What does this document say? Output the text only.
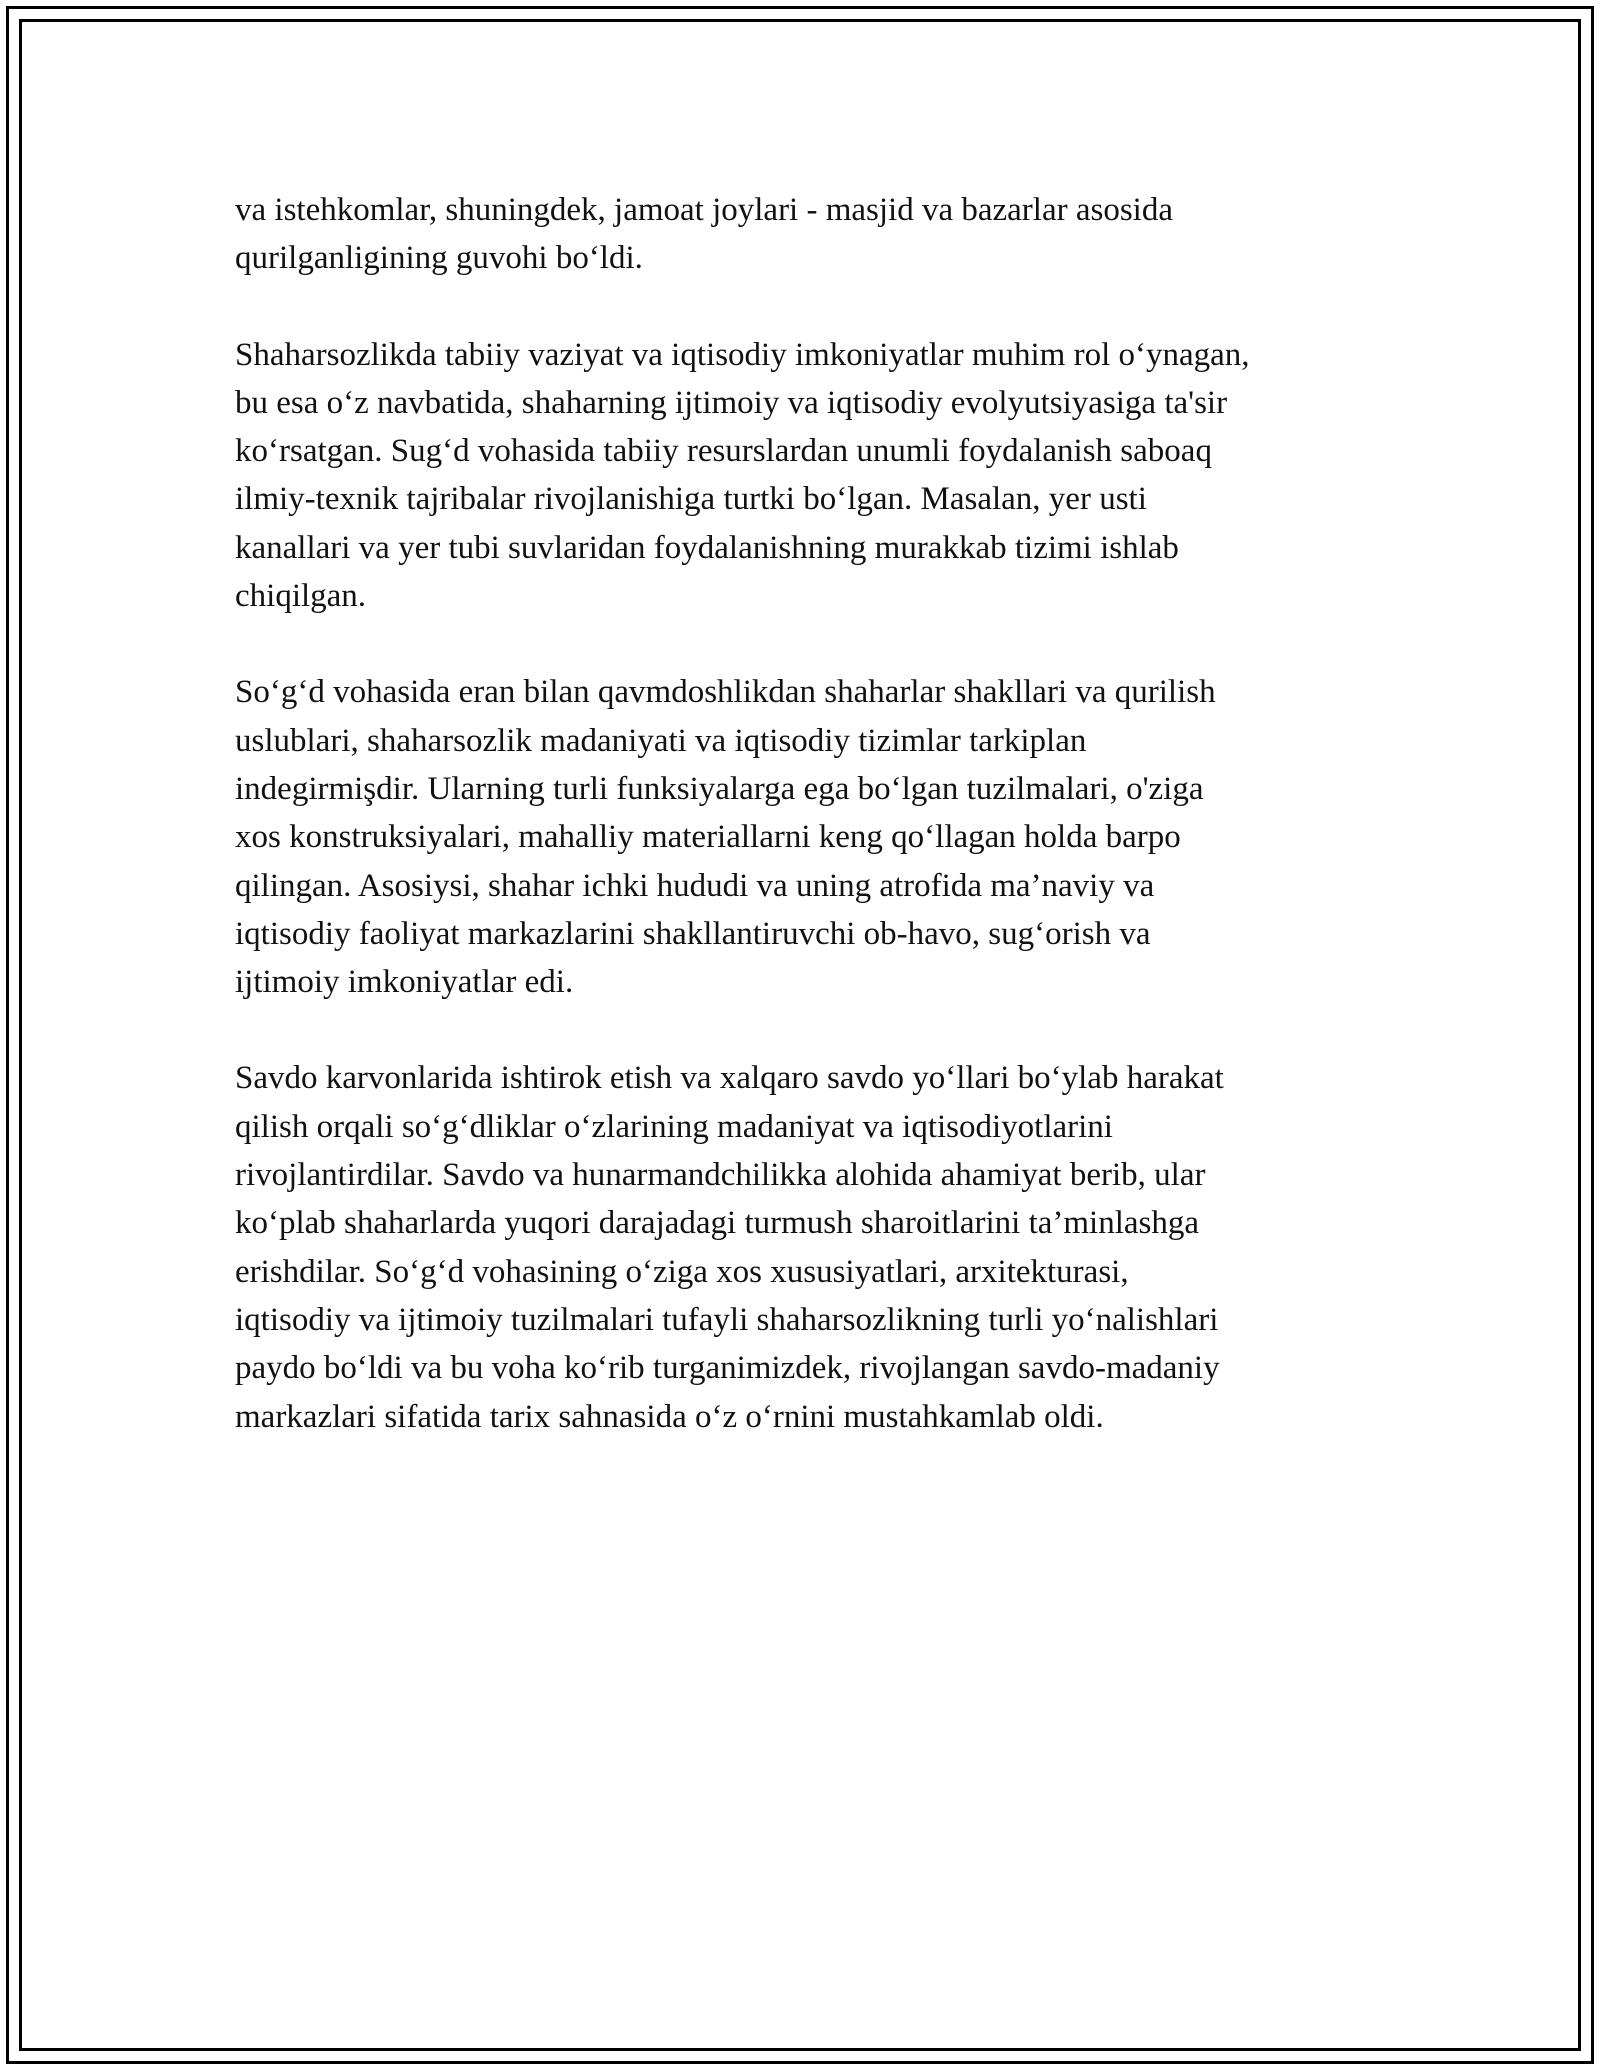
va istehkomlar, shuningdek, jamoat joylari - masjid va bazarlar asosida
qurilganligining guvohi bo‘ldi.

Shaharsozlikda tabiiy vaziyat va iqtisodiy imkoniyatlar muhim rol o‘ynagan,
bu esa o‘z navbatida, shaharning ijtimoiy va iqtisodiy evolyutsiyasiga ta'sir
ko‘rsatgan. Sug‘d vohasida tabiiy resurslardan unumli foydalanish saboaq
ilmiy-texnik tajribalar rivojlanishiga turtki bo‘lgan. Masalan, yer usti
kanallari va yer tubi suvlaridan foydalanishning murakkab tizimi ishlab
chiqilgan.

So‘g‘d vohasida eran bilan qavmdoshlikdan shaharlar shakllari va qurilish
uslublari, shaharsozlik madaniyati va iqtisodiy tizimlar tarkiplan
indegirmişdir. Ularning turli funksiyalarga ega bo‘lgan tuzilmalari, o'ziga
xos konstruksiyalari, mahalliy materiallarni keng qo‘llagan holda barpo
qilingan. Asosiysi, shahar ichki hududi va uning atrofida ma’naviy va
iqtisodiy faoliyat markazlarini shakllantiruvchi ob-havo, sug‘orish va
ijtimoiy imkoniyatlar edi.

Savdo karvonlarida ishtirok etish va xalqaro savdo yo‘llari bo‘ylab harakat
qilish orqali so‘g‘dliklar o‘zlarining madaniyat va iqtisodiyotlarini
rivojlantirdilar. Savdo va hunarmandchilikka alohida ahamiyat berib, ular
ko‘plab shaharlarda yuqori darajadagi turmush sharoitlarini ta’minlashga
erishdilar. So‘g‘d vohasining o‘ziga xos xususiyatlari, arxitekturasi,
iqtisodiy va ijtimoiy tuzilmalari tufayli shaharsozlikning turli yo‘nalishlari
paydo bo‘ldi va bu voha ko‘rib turganimizdek, rivojlangan savdo-madaniy
markazlari sifatida tarix sahnasida o‘z o‘rnini mustahkamlab oldi.
